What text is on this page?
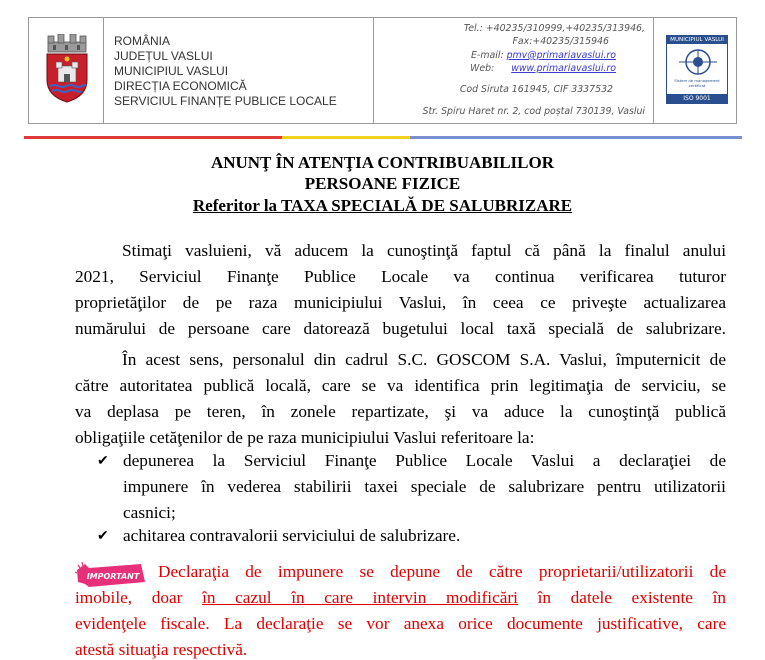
ROMÂNIA
JUDEȚUL VASLUI
MUNICIPIUL VASLUI
DIRECȚIA ECONOMICĂ
SERVICIUL FINANȚE PUBLICE LOCALE
Tel.: +40235/310999,+40235/313946,
Fax:+40235/315946
E-mail: pmv@primariavaslui.ro
Web: www.primariavaslui.ro
Cod Siruta 161945, CIF 3337532
Str. Spiru Haret nr. 2, cod poștal 730139, Vaslui
MUNICIPIUL VASLUI
Sistem de management certificat
ISO 9001
ANUNŢ ÎN ATENŢIA CONTRIBUABILILOR
PERSOANE FIZICE
Referitor la TAXA SPECIALĂ DE SALUBRIZARE
Stimaţi vasluieni, vă aducem la cunoştinţă faptul că până la finalul anului
2021, Serviciul Finanţe Publice Locale va continua verificarea tuturor
proprietăţilor de pe raza municipiului Vaslui, în ceea ce priveşte actualizarea
numărului de persoane care datorează bugetului local taxă specială de salubrizare.
În acest sens, personalul din cadrul S.C. GOSCOM S.A. Vaslui, împuternicit de
către autoritatea publică locală, care se va identifica prin legitimaţia de serviciu, se
va deplasa pe teren, în zonele repartizate, şi va aduce la cunoştinţă publică
obligaţiile cetăţenilor de pe raza municipiului Vaslui referitoare la:
✔ depunerea la Serviciul Finanţe Publice Locale Vaslui a declaraţiei de
impunere în vederea stabilirii taxei speciale de salubrizare pentru utilizatorii
casnici;
✔ achitarea contravalorii serviciului de salubrizare.
IMPORTANT Declaraţia de impunere se depune de către proprietarii/utilizatorii de
imobile, doar în cazul în care intervin modificări în datele existente în
evidenţele fiscale. La declaraţie se vor anexa orice documente justificative, care
atestă situaţia respectivă.
